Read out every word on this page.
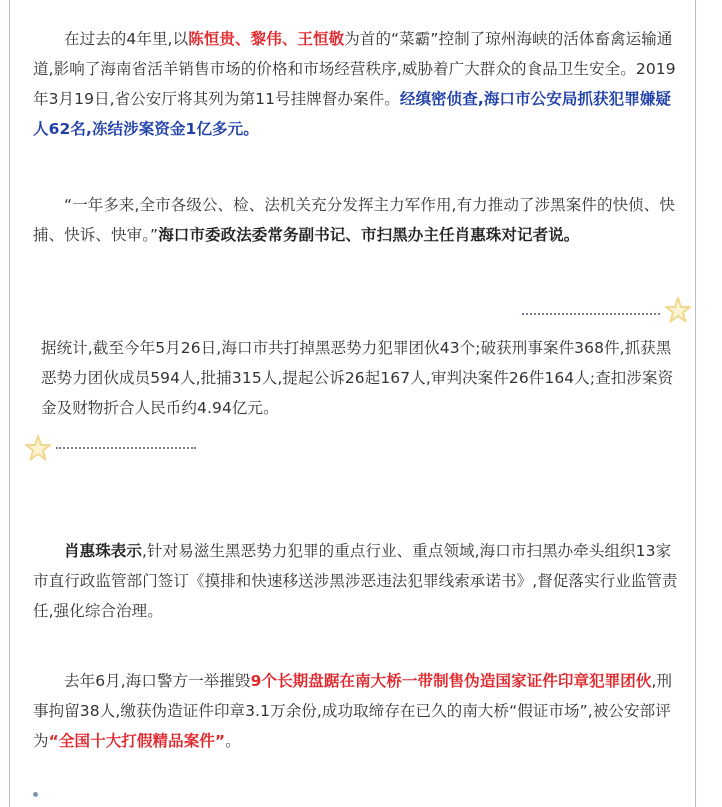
在过去的4年里,以陈恒贵、黎伟、王恒敬为首的“菜霸”控制了琼州海峡的活体畜禽运输通道,影响了海南省活羊销售市场的价格和市场经营秩序,威胁着广大群众的食品卫生安全。2019年3月19日,省公安厅将其列为第11号挂牌督办案件。经缜密侦查,海口市公安局抓获犯罪嫌疑人62名,冻结涉案资金1亿多元。

“一年多来,全市各级公、检、法机关充分发挥主力军作用,有力推动了涉黑案件的快侦、快捕、快诉、快审。”海口市委政法委常务副书记、市扫黑办主任肖惠珠对记者说。

据统计,截至今年5月26日,海口市共打掉黑恶势力犯罪团伙43个;破获刑事案件368件,抓获黑恶势力团伙成员594人,批捕315人,提起公诉26起167人,审判决案件26件164人;查扣涉案资金及财物折合人民币约4.94亿元。

肖惠珠表示,针对易滋生黑恶势力犯罪的重点行业、重点领域,海口市扫黑办牵头组织13家市直行政监管部门签订《摸排和快速移送涉黑涉恶违法犯罪线索承诺书》,督促落实行业监管责任,强化综合治理。

去年6月,海口警方一举摧毁9个长期盘踞在南大桥一带制售伪造国家证件印章犯罪团伙,刑事拘留38人,缴获伪造证件印章3.1万余份,成功取缔存在已久的南大桥“假证市场”,被公安部评为“全国十大打假精品案件”。
